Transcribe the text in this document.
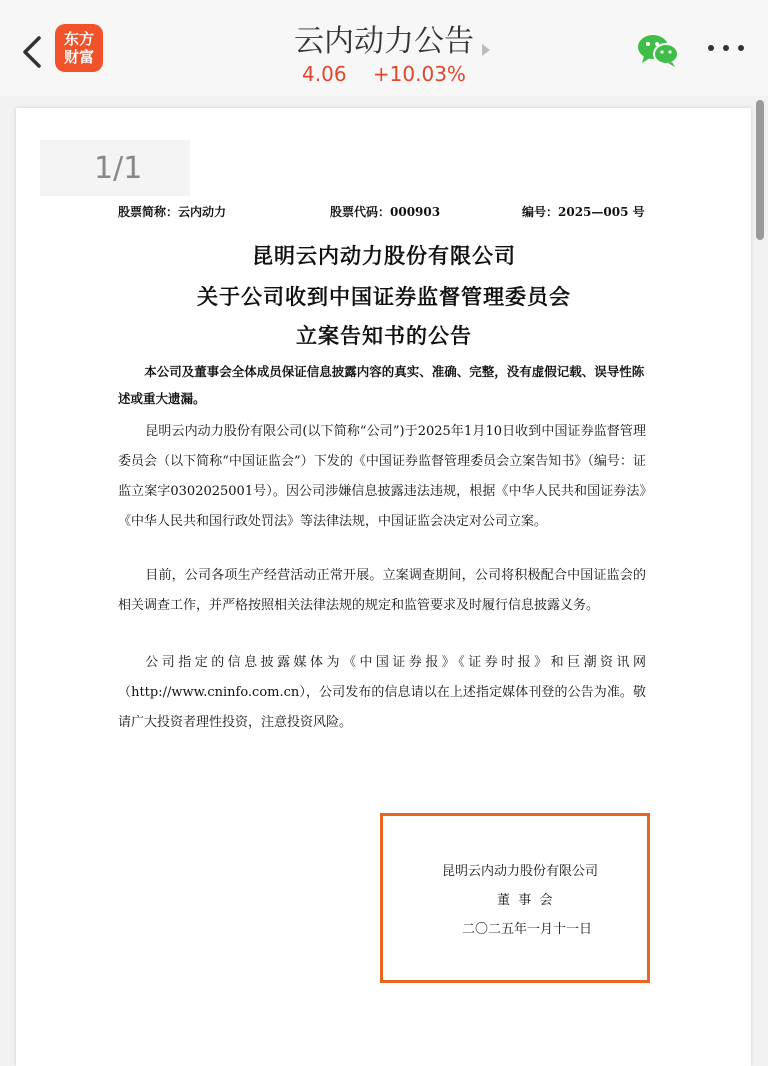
东方
财富	云内动力公告
4.06 +10.03%
1/1
股票简称：云内动力	股票代码：000903	编号：2025—005 号
昆明云内动力股份有限公司
关于公司收到中国证券监督管理委员会
立案告知书的公告
本公司及董事会全体成员保证信息披露内容的真实、准确、完整，没有虚假记载、误导性陈述或重大遗漏。
昆明云内动力股份有限公司(以下简称“公司”)于2025年1月10日收到中国证券监督管理委员会（以下简称“中国证监会”）下发的《中国证券监督管理委员会立案告知书》（编号：证监立案字0302025001号）。因公司涉嫌信息披露违法违规，根据《中华人民共和国证券法》《中华人民共和国行政处罚法》等法律法规，中国证监会决定对公司立案。
目前，公司各项生产经营活动正常开展。立案调查期间，公司将积极配合中国证监会的相关调查工作，并严格按照相关法律法规的规定和监管要求及时履行信息披露义务。
公司指定的信息披露媒体为《中国证券报》《证券时报》和巨潮资讯网（http://www.cninfo.com.cn），公司发布的信息请以在上述指定媒体刊登的公告为准。敬请广大投资者理性投资，注意投资风险。
昆明云内动力股份有限公司
董  事  会
二〇二五年一月十一日
